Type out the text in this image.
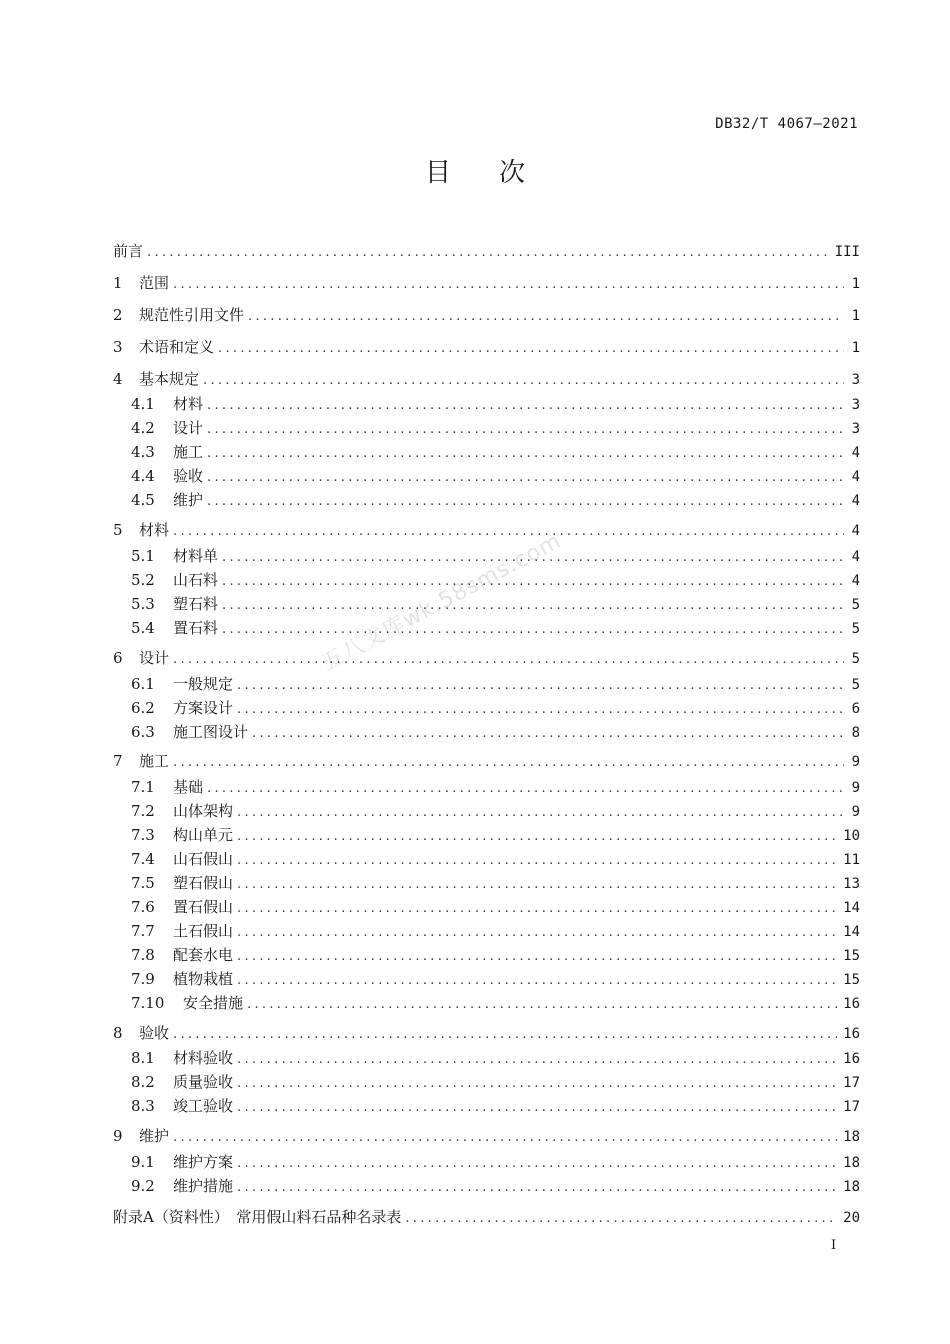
DB32/T 4067—2021
目 次
五八文库wk.58sms.com
前言 .....	III
1	范围 .....	1
2	规范性引用文件 .....	1
3	术语和定义 .....	1
4	基本规定 .....	3
4.1	材料 .....	3
4.2	设计 .....	3
4.3	施工 .....	4
4.4	验收 .....	4
4.5	维护 .....	4
5	材料 .....	4
5.1	材料单 .....	4
5.2	山石料 .....	4
5.3	塑石料 .....	5
5.4	置石料 .....	5
6	设计 .....	5
6.1	一般规定 .....	5
6.2	方案设计 .....	6
6.3	施工图设计 .....	8
7	施工 .....	9
7.1	基础 .....	9
7.2	山体架构 .....	9
7.3	构山单元 .....	10
7.4	山石假山 .....	11
7.5	塑石假山 .....	13
7.6	置石假山 .....	14
7.7	土石假山 .....	14
7.8	配套水电 .....	15
7.9	植物栽植 .....	15
7.10	安全措施 .....	16
8	验收 .....	16
8.1	材料验收 .....	16
8.2	质量验收 .....	17
8.3	竣工验收 .....	17
9	维护 .....	18
9.1	维护方案 .....	18
9.2	维护措施 .....	18
附录A（资料性）　常用假山料石品种名录表 .....	20
I
